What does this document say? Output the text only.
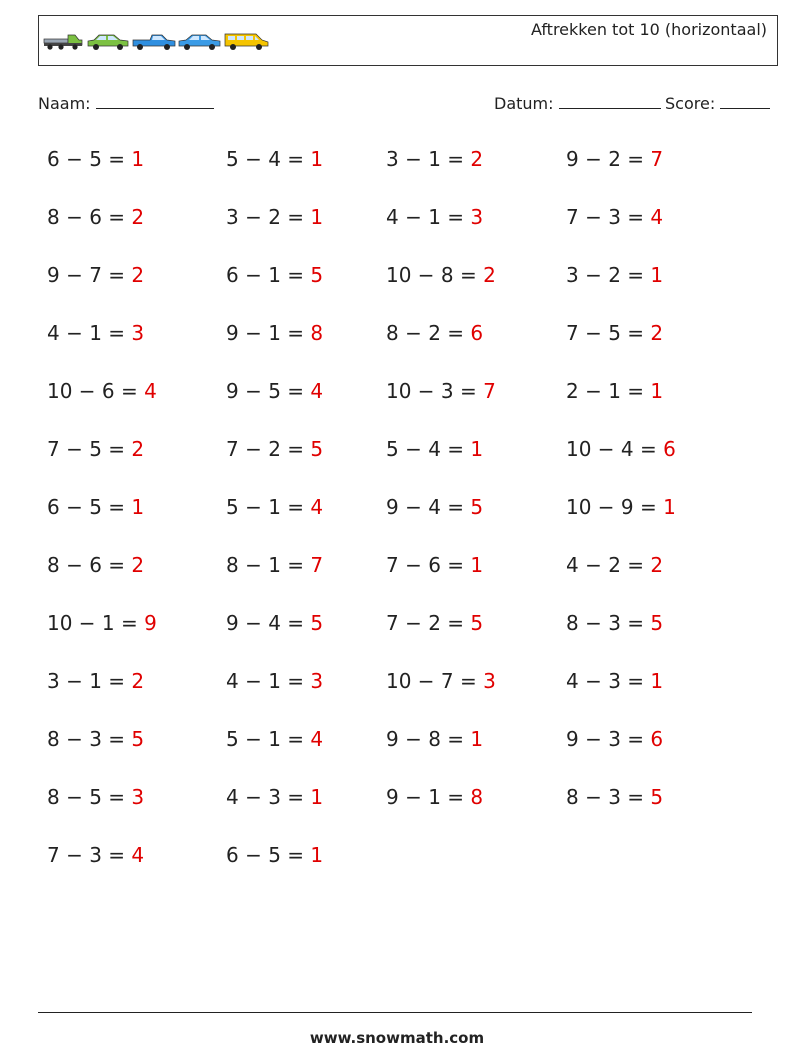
Aftrekken tot 10 (horizontaal)
Naam:	Datum:	Score:
6 − 5 = 1	5 − 4 = 1	3 − 1 = 2	9 − 2 = 7
8 − 6 = 2	3 − 2 = 1	4 − 1 = 3	7 − 3 = 4
9 − 7 = 2	6 − 1 = 5	10 − 8 = 2	3 − 2 = 1
4 − 1 = 3	9 − 1 = 8	8 − 2 = 6	7 − 5 = 2
10 − 6 = 4	9 − 5 = 4	10 − 3 = 7	2 − 1 = 1
7 − 5 = 2	7 − 2 = 5	5 − 4 = 1	10 − 4 = 6
6 − 5 = 1	5 − 1 = 4	9 − 4 = 5	10 − 9 = 1
8 − 6 = 2	8 − 1 = 7	7 − 6 = 1	4 − 2 = 2
10 − 1 = 9	9 − 4 = 5	7 − 2 = 5	8 − 3 = 5
3 − 1 = 2	4 − 1 = 3	10 − 7 = 3	4 − 3 = 1
8 − 3 = 5	5 − 1 = 4	9 − 8 = 1	9 − 3 = 6
8 − 5 = 3	4 − 3 = 1	9 − 1 = 8	8 − 3 = 5
7 − 3 = 4	6 − 5 = 1
www.snowmath.com
